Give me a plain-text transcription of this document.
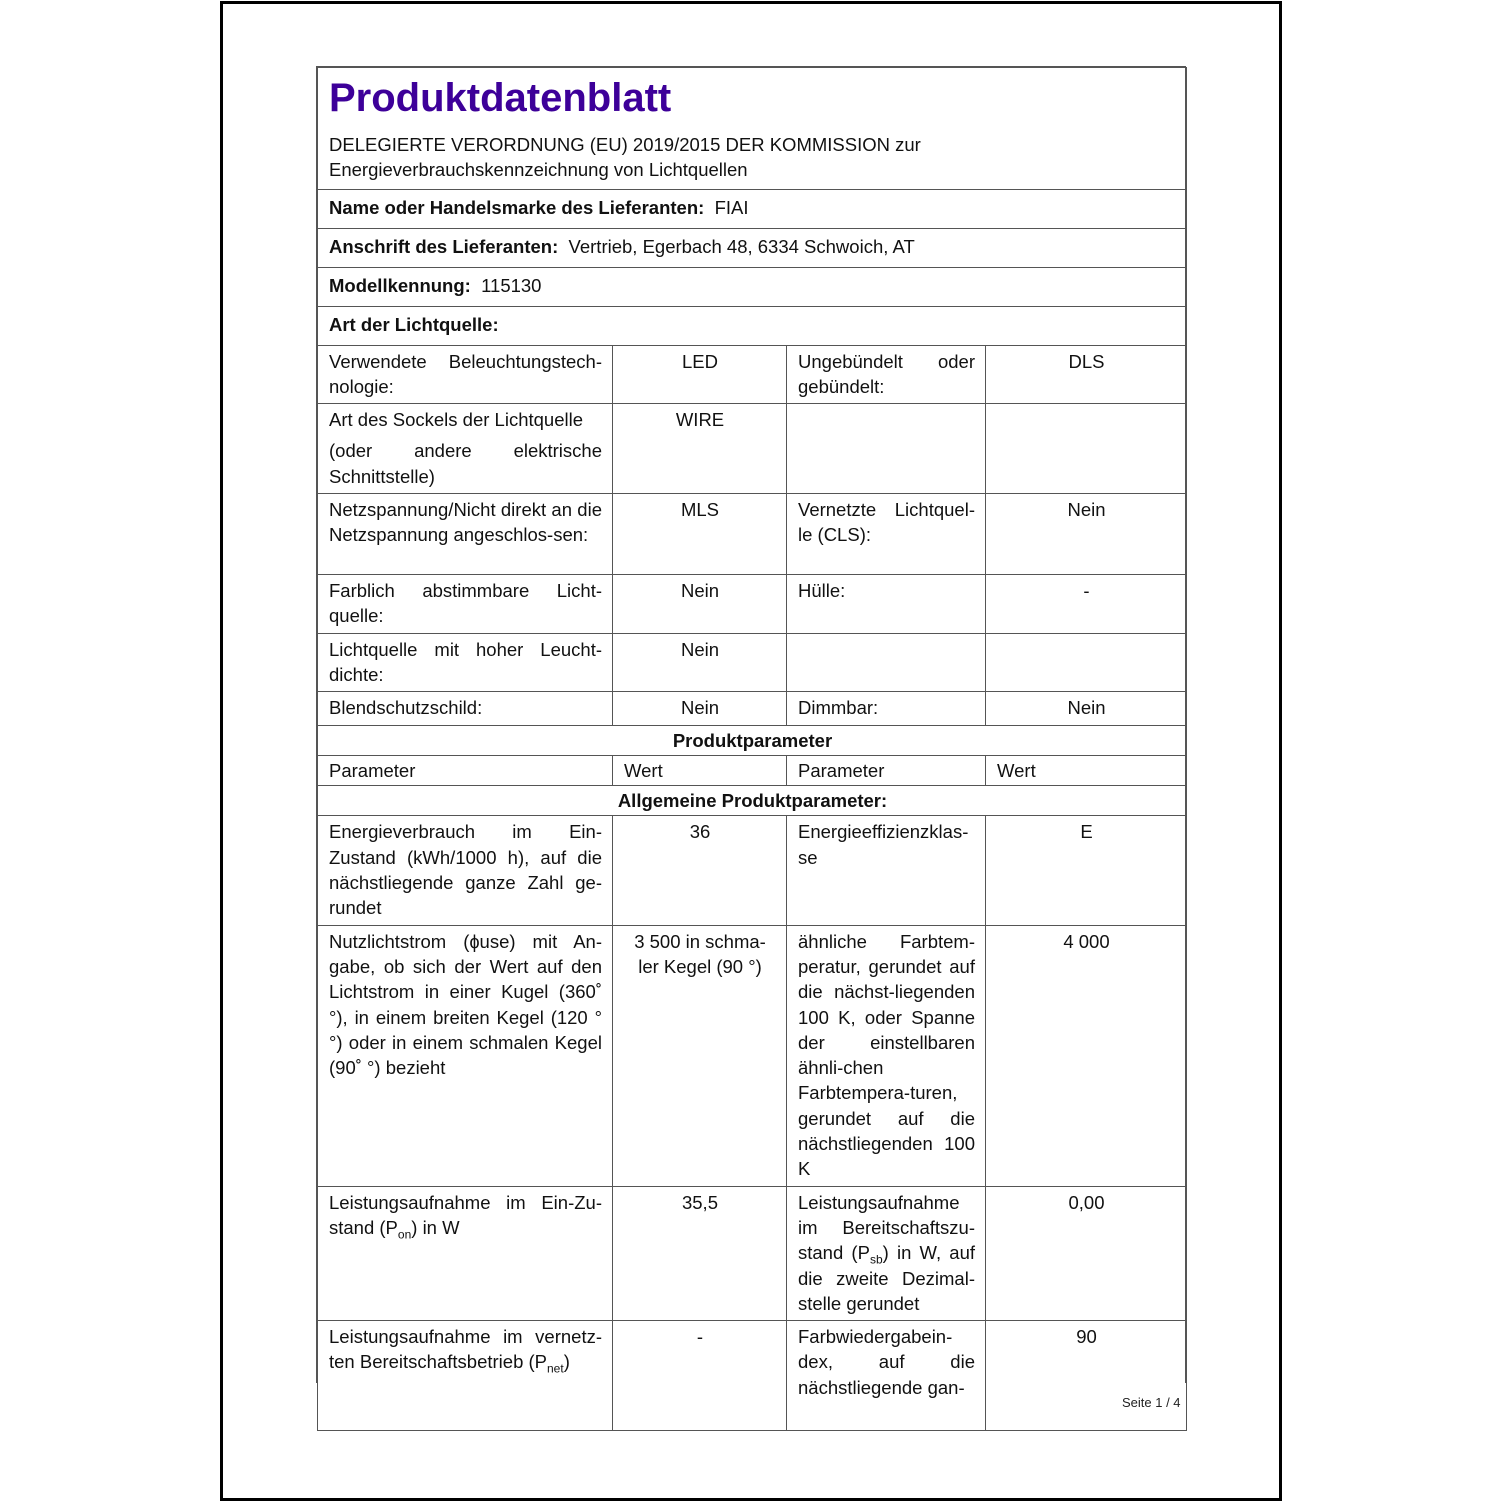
Produktdatenblatt
DELEGIERTE VERORDNUNG (EU) 2019/2015 DER KOMMISSION zur
Energieverbrauchskennzeichnung von Lichtquellen			

Name oder Handelsmarke des Lieferanten: FIAI			
Anschrift des Lieferanten: Vertrieb, Egerbach 48, 6334 Schwoich, AT			
Modellkennung: 115130			
Art der Lichtquelle:			
Verwendete Beleuchtungstech-nologie:	LED	Ungebündelt oder gebündelt:	DLS
Art des Sockels der Lichtquelle
(oder andere elektrische Schnittstelle)	WIRE		
Netzspannung/Nicht direkt an die Netzspannung angeschlos-sen:	MLS	Vernetzte Lichtquel-le (CLS):	Nein
Farblich abstimmbare Licht-quelle:	Nein	Hülle:	-
Lichtquelle mit hoher Leucht-dichte:	Nein		
Blendschutzschild:	Nein	Dimmbar:	Nein
Produktparameter			
Parameter	Wert	Parameter	Wert
Allgemeine Produktparameter:			
Energieverbrauch im Ein-Zustand (kWh/1000 h), auf die nächstliegende ganze Zahl ge-rundet	36	Energieeffizienzklas-se	E
Nutzlichtstrom (ɸuse) mit An-gabe, ob sich der Wert auf den Lichtstrom in einer Kugel (360˚ °), in einem breiten Kegel (120 °°) oder in einem schmalen Kegel (90˚ °) bezieht	3 500 in schma-ler Kegel (90 °)	ähnliche Farbtem-peratur, gerundet auf die nächst-liegenden 100 K, oder Spanne der einstellbaren ähnli-chen Farbtempera-turen, gerundet auf die nächstliegenden 100 K	4 000
Leistungsaufnahme im Ein-Zu-stand $(P_{on})$ in W	35,5	Leistungsaufnahme im Bereitschaftszu-stand $(P_{sb})$ in W, auf die zweite Dezimal-stelle gerundet	0,00
Leistungsaufnahme im vernetz-ten Bereitschaftsbetrieb $(P_{net})$	-	Farbwiedergabein-dex, auf die nächstliegende gan-	90
Seite 1 / 4
